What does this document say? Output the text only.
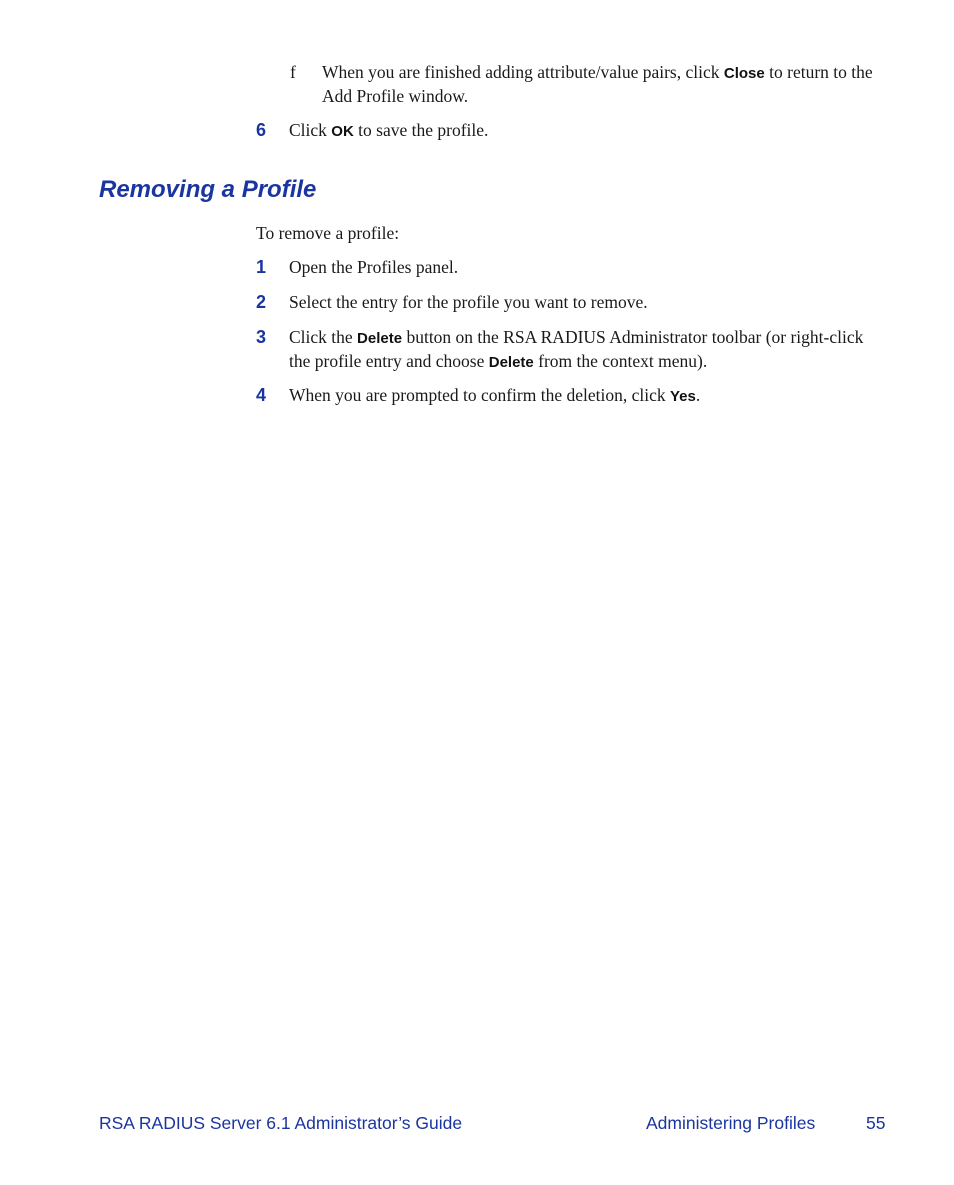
f When you are finished adding attribute/value pairs, click Close to return to the Add Profile window.
6 Click OK to save the profile.
Removing a Profile
To remove a profile:
1 Open the Profiles panel.
2 Select the entry for the profile you want to remove.
3 Click the Delete button on the RSA RADIUS Administrator toolbar (or right-click the profile entry and choose Delete from the context menu).
4 When you are prompted to confirm the deletion, click Yes.
RSA RADIUS Server 6.1 Administrator’s Guide	Administering Profiles	55
